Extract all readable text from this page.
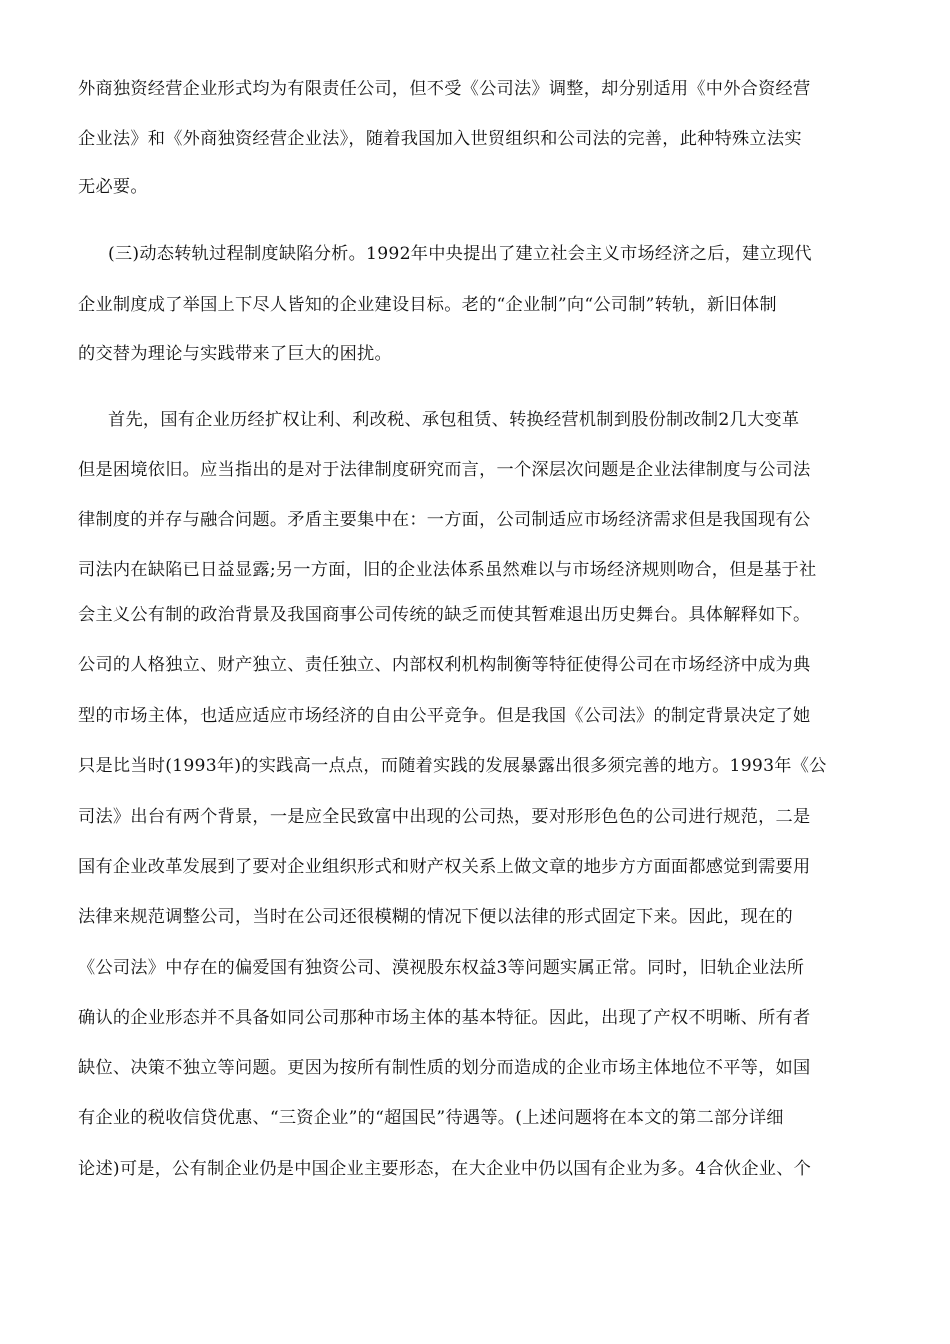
外商独资经营企业形式均为有限责任公司，但不受《公司法》调整，却分别适用《中外合资经营
企业法》和《外商独资经营企业法》，随着我国加入世贸组织和公司法的完善，此种特殊立法实
无必要。
(三)动态转轨过程制度缺陷分析。1992年中央提出了建立社会主义市场经济之后，建立现代
企业制度成了举国上下尽人皆知的企业建设目标。老的“企业制”向“公司制”转轨，新旧体制
的交替为理论与实践带来了巨大的困扰。
首先，国有企业历经扩权让利、利改税、承包租赁、转换经营机制到股份制改制2几大变革
但是困境依旧。应当指出的是对于法律制度研究而言，一个深层次问题是企业法律制度与公司法
律制度的并存与融合问题。矛盾主要集中在：一方面，公司制适应市场经济需求但是我国现有公
司法内在缺陷已日益显露;另一方面，旧的企业法体系虽然难以与市场经济规则吻合，但是基于社
会主义公有制的政治背景及我国商事公司传统的缺乏而使其暂难退出历史舞台。具体解释如下。
公司的人格独立、财产独立、责任独立、内部权利机构制衡等特征使得公司在市场经济中成为典
型的市场主体，也适应适应市场经济的自由公平竞争。但是我国《公司法》的制定背景决定了她
只是比当时(1993年)的实践高一点点，而随着实践的发展暴露出很多须完善的地方。1993年《公
司法》出台有两个背景，一是应全民致富中出现的公司热，要对形形色色的公司进行规范，二是
国有企业改革发展到了要对企业组织形式和财产权关系上做文章的地步方方面面都感觉到需要用
法律来规范调整公司，当时在公司还很模糊的情况下便以法律的形式固定下来。因此，现在的
《公司法》中存在的偏爱国有独资公司、漠视股东权益3等问题实属正常。同时，旧轨企业法所
确认的企业形态并不具备如同公司那种市场主体的基本特征。因此，出现了产权不明晰、所有者
缺位、决策不独立等问题。更因为按所有制性质的划分而造成的企业市场主体地位不平等，如国
有企业的税收信贷优惠、“三资企业”的“超国民”待遇等。(上述问题将在本文的第二部分详细
论述)可是，公有制企业仍是中国企业主要形态，在大企业中仍以国有企业为多。4合伙企业、个
